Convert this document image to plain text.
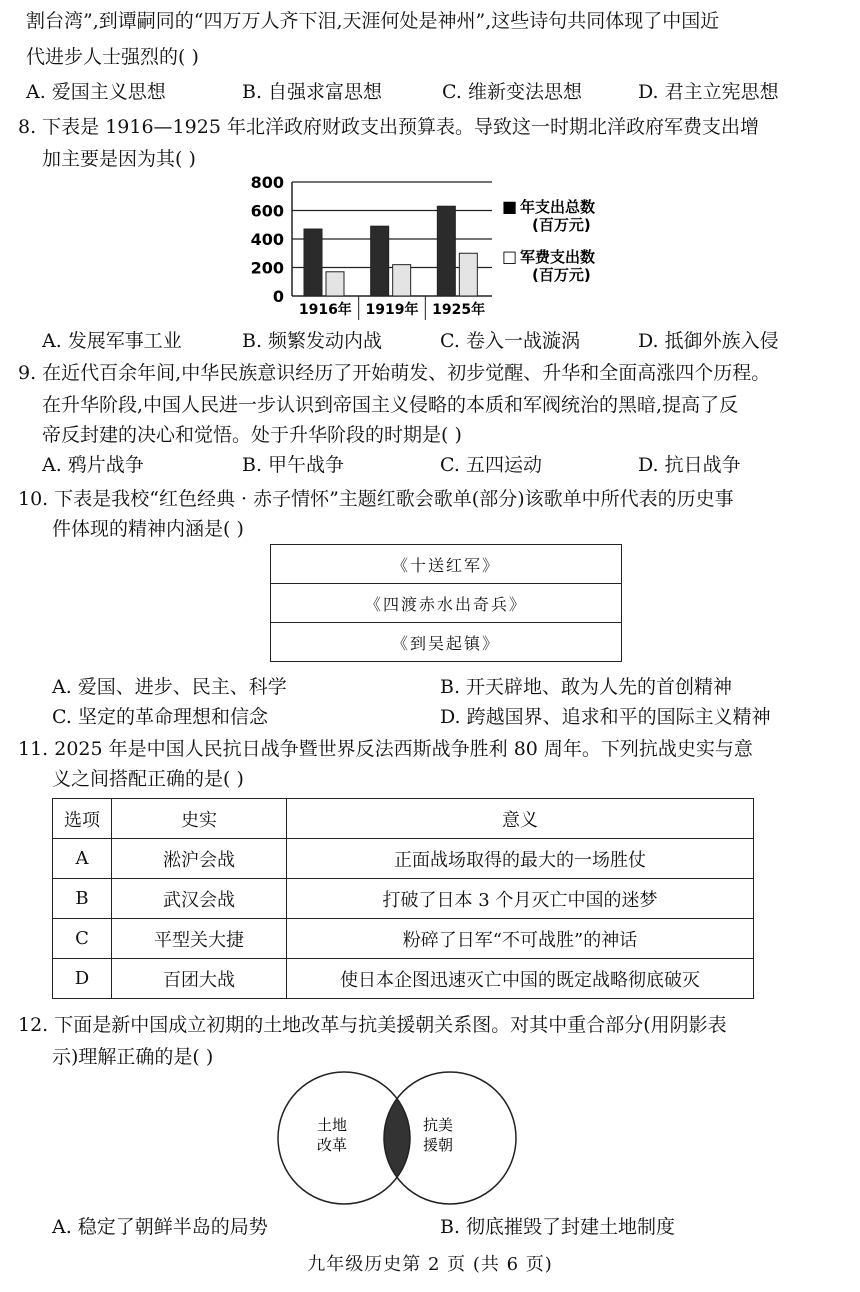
割台湾”,到谭嗣同的“四万万人齐下泪,天涯何处是神州”,这些诗句共同体现了中国近
代进步人士强烈的( )
A. 爱国主义思想	B. 自强求富思想	C. 维新变法思想	D. 君主立宪思想
8. 下表是 1916—1925 年北洋政府财政支出预算表。导致这一时期北洋政府军费支出增
加主要是因为其( )
0
200
400
600
800
1916年 1919年 1925年
■ 年支出总数
(百万元)
□ 军费支出数
(百万元)
A. 发展军事工业	B. 频繁发动内战	C. 卷入一战漩涡	D. 抵御外族入侵
9. 在近代百余年间,中华民族意识经历了开始萌发、初步觉醒、升华和全面高涨四个历程。
在升华阶段,中国人民进一步认识到帝国主义侵略的本质和军阀统治的黑暗,提高了反
帝反封建的决心和觉悟。处于升华阶段的时期是( )
A. 鸦片战争	B. 甲午战争	C. 五四运动	D. 抗日战争
10. 下表是我校“红色经典 · 赤子情怀”主题红歌会歌单(部分)该歌单中所代表的历史事
件体现的精神内涵是( )
《十送红军》
《四渡赤水出奇兵》
《到吴起镇》
A. 爱国、进步、民主、科学	B. 开天辟地、敢为人先的首创精神
C. 坚定的革命理想和信念	D. 跨越国界、追求和平的国际主义精神
11. 2025 年是中国人民抗日战争暨世界反法西斯战争胜利 80 周年。下列抗战史实与意
义之间搭配正确的是( )
选项	史实	意义
A	淞沪会战	正面战场取得的最大的一场胜仗
B	武汉会战	打破了日本 3 个月灭亡中国的迷梦
C	平型关大捷	粉碎了日军“不可战胜”的神话
D	百团大战	使日本企图迅速灭亡中国的既定战略彻底破灭
12. 下面是新中国成立初期的土地改革与抗美援朝关系图。对其中重合部分(用阴影表
示)理解正确的是( )
土地
改革
抗美
援朝
A. 稳定了朝鲜半岛的局势	B. 彻底摧毁了封建土地制度
九年级历史第 2 页 (共 6 页)
